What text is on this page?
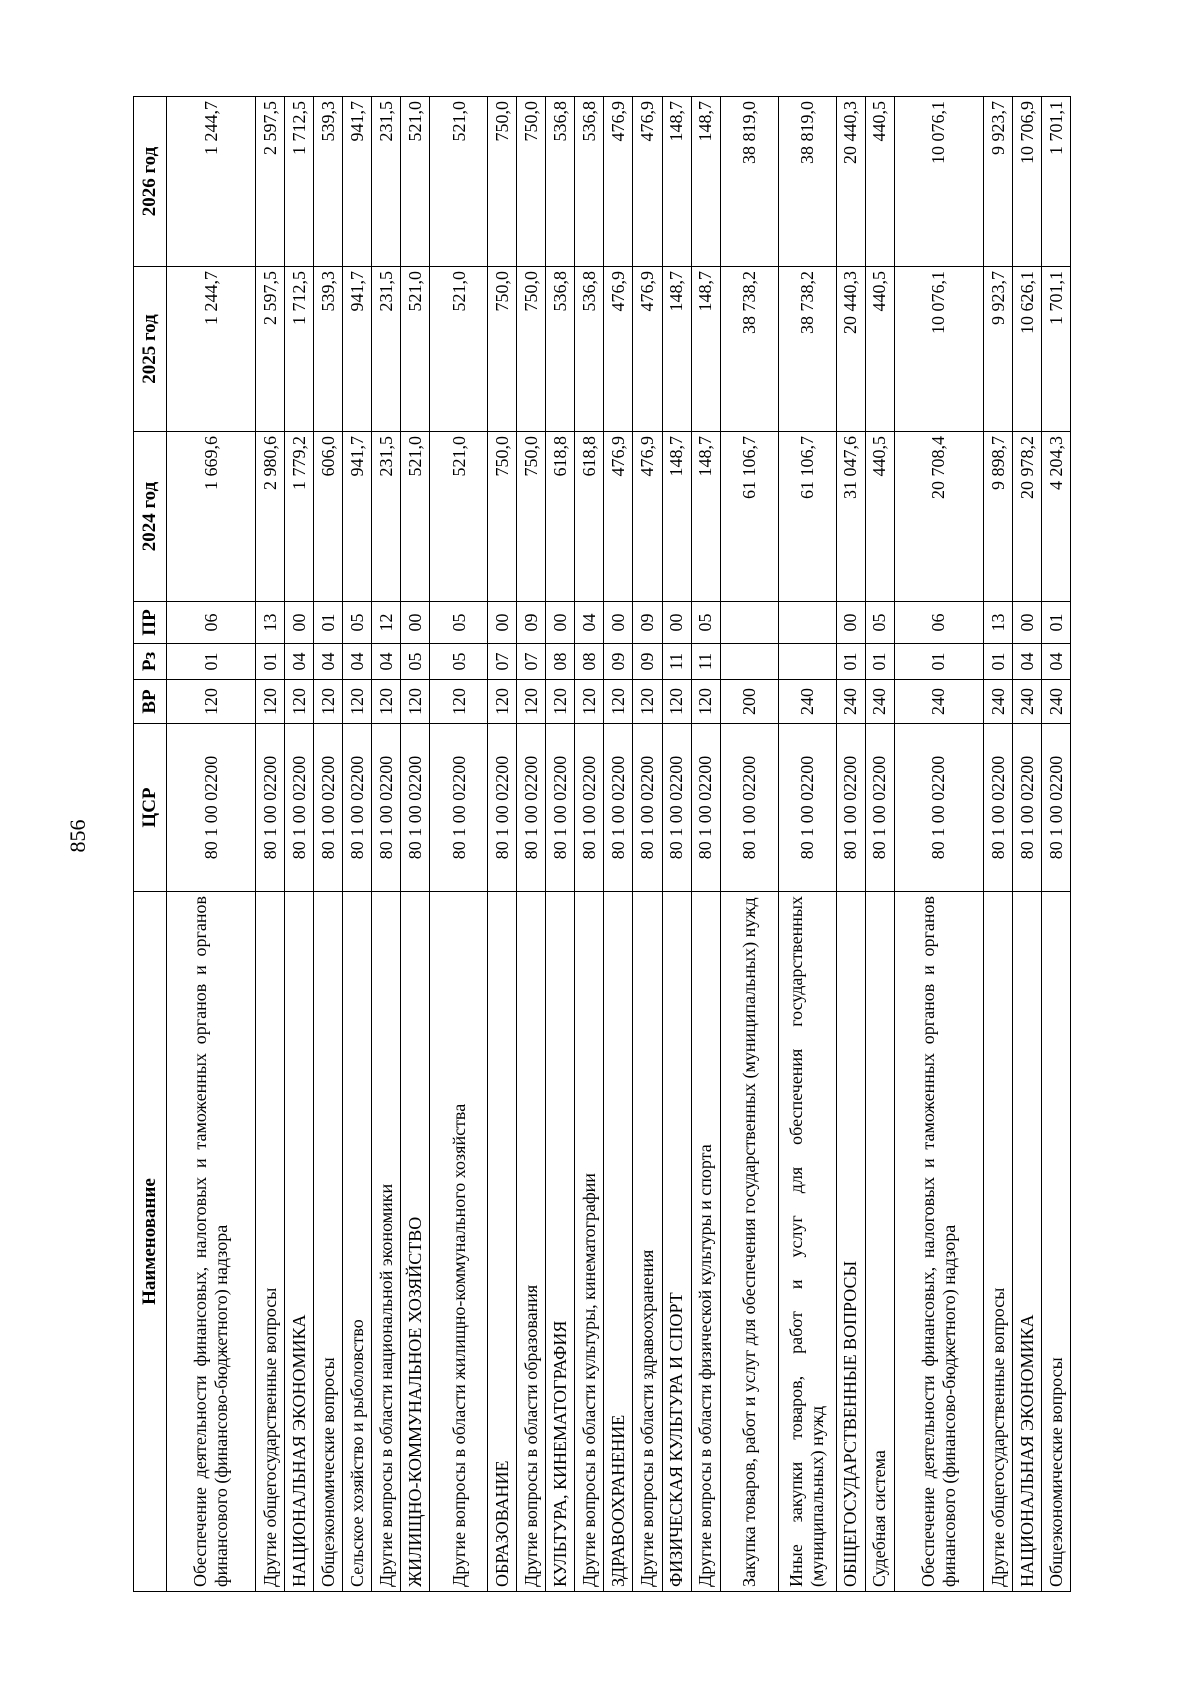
856
Наименование	ЦСР	ВР	Рз	ПР	2024 год	2025 год	2026 год
Обеспечение деятельности финансовых, налоговых и таможенных органов и органов финансового (финансово-бюджетного) надзора	80 1 00 02200	120	01	06	1 669,6	1 244,7	1 244,7
Другие общегосударственные вопросы	80 1 00 02200	120	01	13	2 980,6	2 597,5	2 597,5
НАЦИОНАЛЬНАЯ ЭКОНОМИКА	80 1 00 02200	120	04	00	1 779,2	1 712,5	1 712,5
Общеэкономические вопросы	80 1 00 02200	120	04	01	606,0	539,3	539,3
Сельское хозяйство и рыболовство	80 1 00 02200	120	04	05	941,7	941,7	941,7
Другие вопросы в области национальной экономики	80 1 00 02200	120	04	12	231,5	231,5	231,5
ЖИЛИЩНО-КОММУНАЛЬНОЕ ХОЗЯЙСТВО	80 1 00 02200	120	05	00	521,0	521,0	521,0
Другие вопросы в области жилищно-коммунального хозяйства	80 1 00 02200	120	05	05	521,0	521,0	521,0
ОБРАЗОВАНИЕ	80 1 00 02200	120	07	00	750,0	750,0	750,0
Другие вопросы в области образования	80 1 00 02200	120	07	09	750,0	750,0	750,0
КУЛЬТУРА, КИНЕМАТОГРАФИЯ	80 1 00 02200	120	08	00	618,8	536,8	536,8
Другие вопросы в области культуры, кинематографии	80 1 00 02200	120	08	04	618,8	536,8	536,8
ЗДРАВООХРАНЕНИЕ	80 1 00 02200	120	09	00	476,9	476,9	476,9
Другие вопросы в области здравоохранения	80 1 00 02200	120	09	09	476,9	476,9	476,9
ФИЗИЧЕСКАЯ КУЛЬТУРА И СПОРТ	80 1 00 02200	120	11	00	148,7	148,7	148,7
Другие вопросы в области физической культуры и спорта	80 1 00 02200	120	11	05	148,7	148,7	148,7
Закупка товаров, работ и услуг для обеспечения государственных (муниципальных) нужд	80 1 00 02200	200			61 106,7	38 738,2	38 819,0
Иные закупки товаров, работ и услуг для обеспечения государственных (муниципальных) нужд	80 1 00 02200	240			61 106,7	38 738,2	38 819,0
ОБЩЕГОСУДАРСТВЕННЫЕ ВОПРОСЫ	80 1 00 02200	240	01	00	31 047,6	20 440,3	20 440,3
Судебная система	80 1 00 02200	240	01	05	440,5	440,5	440,5
Обеспечение деятельности финансовых, налоговых и таможенных органов и органов финансового (финансово-бюджетного) надзора	80 1 00 02200	240	01	06	20 708,4	10 076,1	10 076,1
Другие общегосударственные вопросы	80 1 00 02200	240	01	13	9 898,7	9 923,7	9 923,7
НАЦИОНАЛЬНАЯ ЭКОНОМИКА	80 1 00 02200	240	04	00	20 978,2	10 626,1	10 706,9
Общеэкономические вопросы	80 1 00 02200	240	04	01	4 204,3	1 701,1	1 701,1
